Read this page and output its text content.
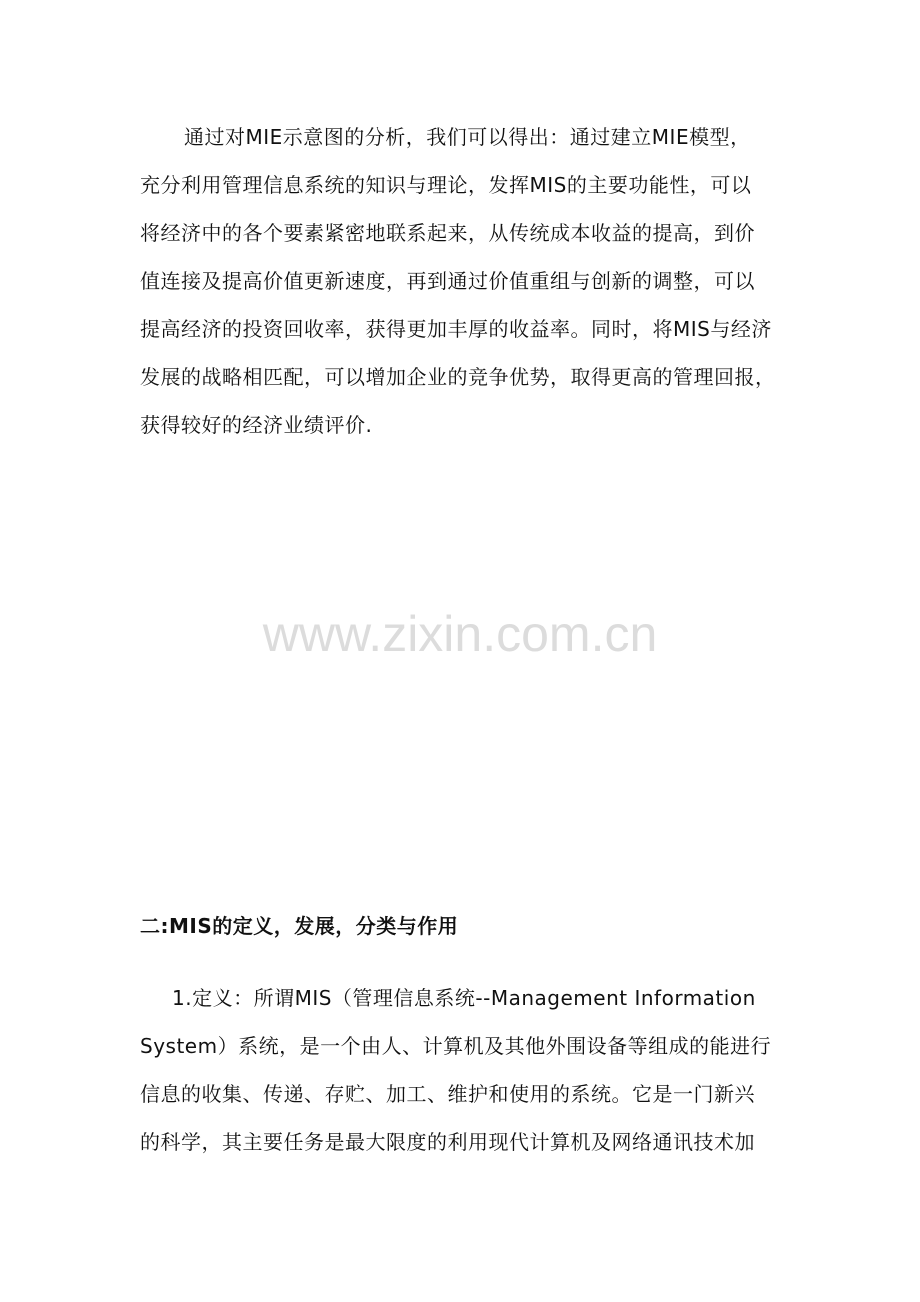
通过对MIE示意图的分析，我们可以得出：通过建立MIE模型，
充分利用管理信息系统的知识与理论，发挥MIS的主要功能性，可以
将经济中的各个要素紧密地联系起来，从传统成本收益的提高，到价
值连接及提高价值更新速度，再到通过价值重组与创新的调整，可以
提高经济的投资回收率，获得更加丰厚的收益率。同时，将MIS与经济
发展的战略相匹配，可以增加企业的竞争优势，取得更高的管理回报，
获得较好的经济业绩评价.
www.zixin.com.cn
二:MIS的定义，发展，分类与作用
1.定义：所谓MIS（管理信息系统--Management Information
System）系统，是一个由人、计算机及其他外围设备等组成的能进行
信息的收集、传递、存贮、加工、维护和使用的系统。它是一门新兴
的科学，其主要任务是最大限度的利用现代计算机及网络通讯技术加
